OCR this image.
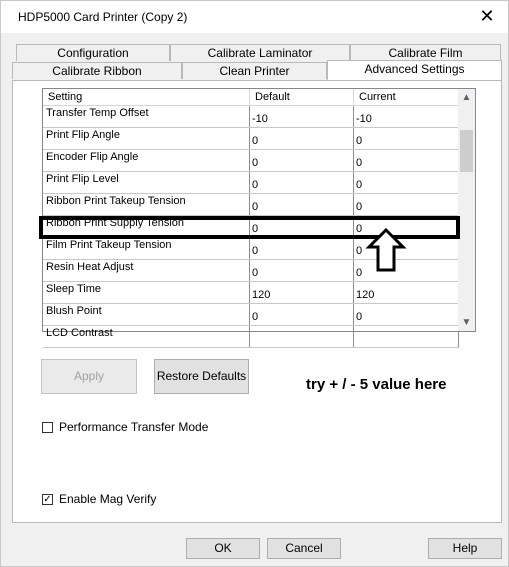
HDP5000 Card Printer (Copy 2)	✕
Configuration	Calibrate Laminator	Calibrate Film
Calibrate Ribbon	Clean Printer	Advanced Settings
Setting	Default	Current
Transfer Temp Offset	-10	-10
Print Flip Angle	0	0
Encoder Flip Angle	0	0
Print Flip Level	0	0
Ribbon Print Takeup Tension	0	0
Ribbon Print Supply Tension	0	0
Film Print Takeup Tension	0	0
Resin Heat Adjust	0	0
Sleep Time	120	120
Blush Point	0	0
LCD Contrast
▲
▼
Apply	Restore Defaults	try + / - 5 value here
Performance Transfer Mode
✓ Enable Mag Verify
OK	Cancel	Help
